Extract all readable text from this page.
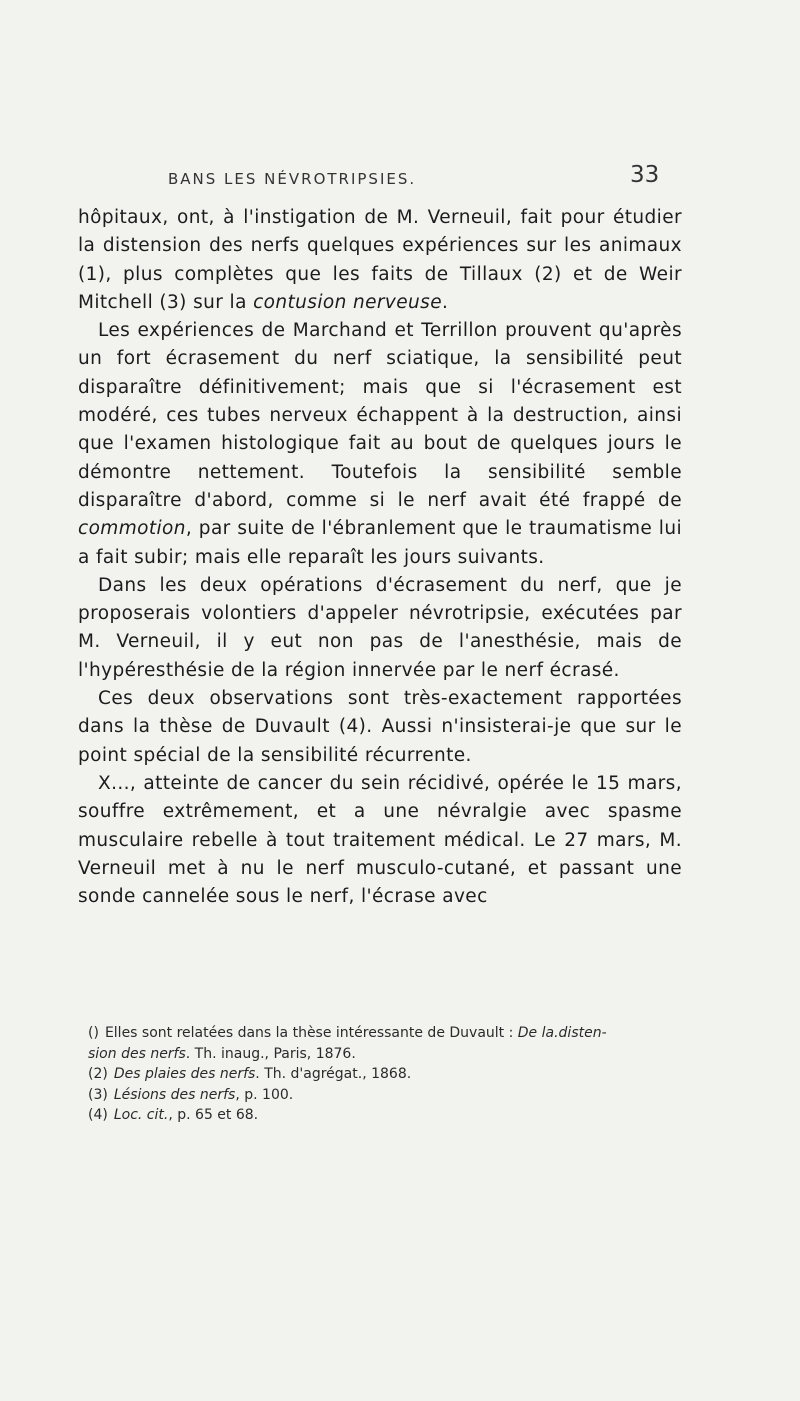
BANS LES NÉVROTRIPSIES.	33

hôpitaux, ont, à l'instigation de M. Verneuil, fait pour étudier la distension des nerfs quelques expériences sur les animaux (1), plus complètes que les faits de Tillaux (2) et de Weir Mitchell (3) sur la contusion nerveuse.

Les expériences de Marchand et Terrillon prouvent qu'après un fort écrasement du nerf sciatique, la sensibilité peut disparaître définitivement; mais que si l'écrasement est modéré, ces tubes nerveux échappent à la destruction, ainsi que l'examen histologique fait au bout de quelques jours le démontre nettement. Toutefois la sensibilité semble disparaître d'abord, comme si le nerf avait été frappé de commotion, par suite de l'ébranlement que le traumatisme lui a fait subir; mais elle reparaît les jours suivants.

Dans les deux opérations d'écrasement du nerf, que je proposerais volontiers d'appeler névrotripsie, exécutées par M. Verneuil, il y eut non pas de l'anesthésie, mais de l'hypéresthésie de la région innervée par le nerf écrasé.

Ces deux observations sont très-exactement rapportées dans la thèse de Duvault (4). Aussi n'insisterai-je que sur le point spécial de la sensibilité récurrente.

X..., atteinte de cancer du sein récidivé, opérée le 15 mars, souffre extrêmement, et a une névralgie avec spasme musculaire rebelle à tout traitement médical. Le 27 mars, M. Verneuil met à nu le nerf musculo-cutané, et passant une sonde cannelée sous le nerf, l'écrase avec

() Elles sont relatées dans la thèse intéressante de Duvault : De la.disten-
sion des nerfs. Th. inaug., Paris, 1876.

(2) Des plaies des nerfs. Th. d'agrégat., 1868.

(3) Lésions des nerfs, p. 100.

(4) Loc. cit., p. 65 et 68.
